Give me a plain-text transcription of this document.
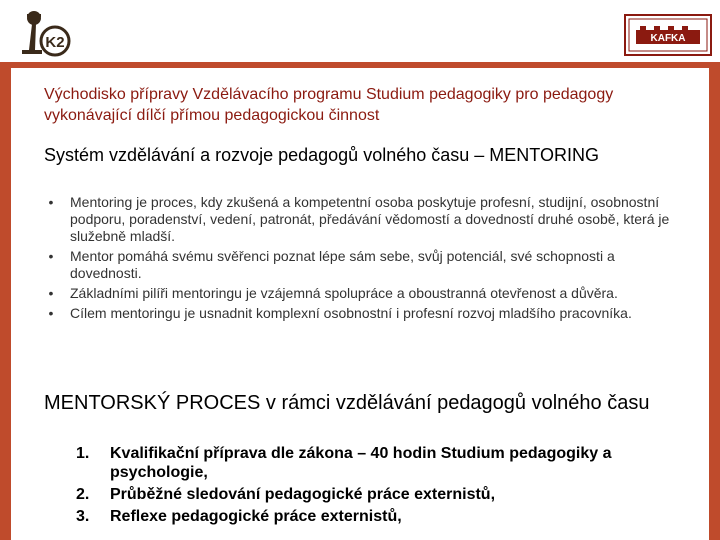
K2	KAFKA
Východisko přípravy Vzdělávacího programu Studium pedagogiky pro pedagogy vykonávající dílčí přímou pedagogickou činnost
Systém vzdělávání a rozvoje pedagogů volného času – MENTORING
•	Mentoring je proces, kdy zkušená a kompetentní osoba poskytuje profesní, studijní, osobnostní podporu, poradenství, vedení, patronát, předávání vědomostí a dovedností druhé osobě, která je služebně mladší.
•	Mentor pomáhá svému svěřenci poznat lépe sám sebe, svůj potenciál, své schopnosti a dovednosti.
•	Základními pilíři mentoringu je vzájemná spolupráce a oboustranná otevřenost a důvěra.
•	Cílem mentoringu je usnadnit komplexní osobnostní i profesní rozvoj mladšího pracovníka.
MENTORSKÝ PROCES v rámci vzdělávání pedagogů volného času
1. Kvalifikační příprava dle zákona – 40 hodin Studium pedagogiky a psychologie,
2. Průběžné sledování pedagogické práce externistů,
3. Reflexe pedagogické práce externistů,
